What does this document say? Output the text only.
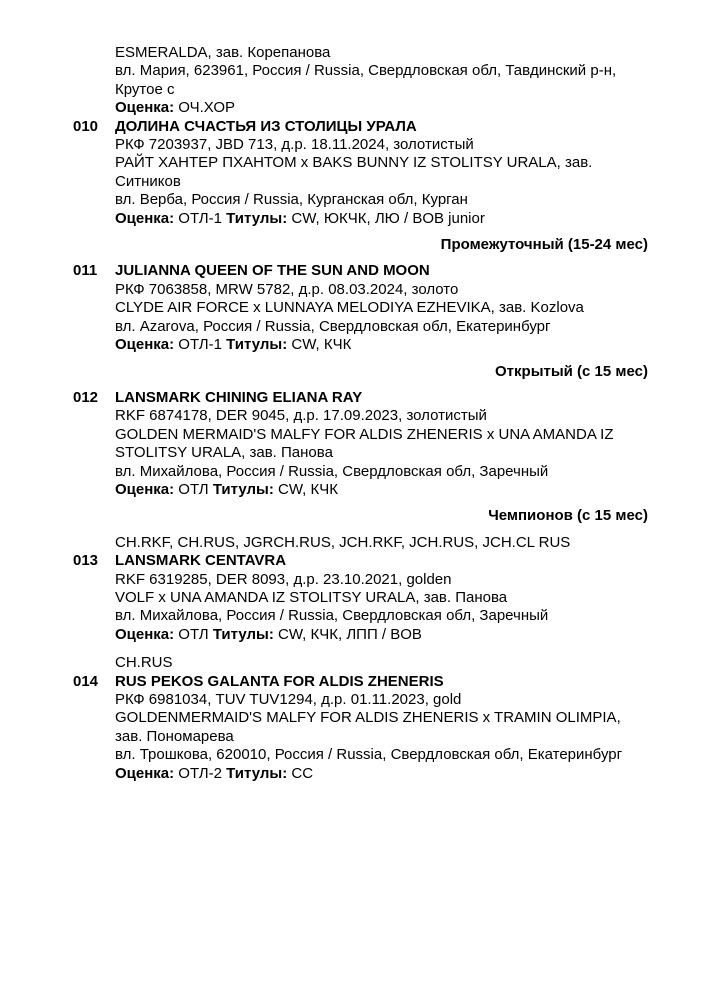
ESMERALDA, зав. Корепанова
вл. Мария, 623961, Россия / Russia, Свердловская обл, Тавдинский р-н,
Крутое с
Оценка: ОЧ.ХОР
010 ДОЛИНА СЧАСТЬЯ ИЗ СТОЛИЦЫ УРАЛА
РКФ 7203937, JBD 713, д.р. 18.11.2024, золотистый
РАЙТ ХАНТЕР ПХАНТОМ x BAKS BUNNY IZ STOLITSY URALA, зав.
Ситников
вл. Верба, Россия / Russia, Курганская обл, Курган
Оценка: ОТЛ-1 Титулы: CW, ЮКЧК, ЛЮ / BOB junior
Промежуточный (15-24 мес)
011 JULIANNA QUEEN OF THE SUN AND MOON
РКФ 7063858, MRW 5782, д.р. 08.03.2024, золото
CLYDE AIR FORCE x LUNNAYA MELODIYA EZHEVIKA, зав. Kozlova
вл. Azarova, Россия / Russia, Свердловская обл, Екатеринбург
Оценка: ОТЛ-1 Титулы: CW, КЧК
Открытый (с 15 мес)
012 LANSMARK CHINING ELIANA RAY
RKF 6874178, DER 9045, д.р. 17.09.2023, золотистый
GOLDEN MERMAID'S MALFY FOR ALDIS ZHENERIS x UNA AMANDA IZ
STOLITSY URALA, зав. Панова
вл. Михайлова, Россия / Russia, Свердловская обл, Заречный
Оценка: ОТЛ Титулы: CW, КЧК
Чемпионов (с 15 мес)
CH.RKF, CH.RUS, JGRCH.RUS, JCH.RKF, JCH.RUS, JCH.CL RUS
013 LANSMARK CENTAVRA
RKF 6319285, DER 8093, д.р. 23.10.2021, golden
VOLF x UNA AMANDA IZ STOLITSY URALA, зав. Панова
вл. Михайлова, Россия / Russia, Свердловская обл, Заречный
Оценка: ОТЛ Титулы: CW, КЧК, ЛПП / BOB
CH.RUS
014 RUS PEKOS GALANTA FOR ALDIS ZHENERIS
РКФ 6981034, TUV TUV1294, д.р. 01.11.2023, gold
GOLDENMERMAID'S MALFY FOR ALDIS ZHENERIS x TRAMIN OLIMPIA,
зав. Пономарева
вл. Трошкова, 620010, Россия / Russia, Свердловская обл, Екатеринбург
Оценка: ОТЛ-2 Титулы: CC
